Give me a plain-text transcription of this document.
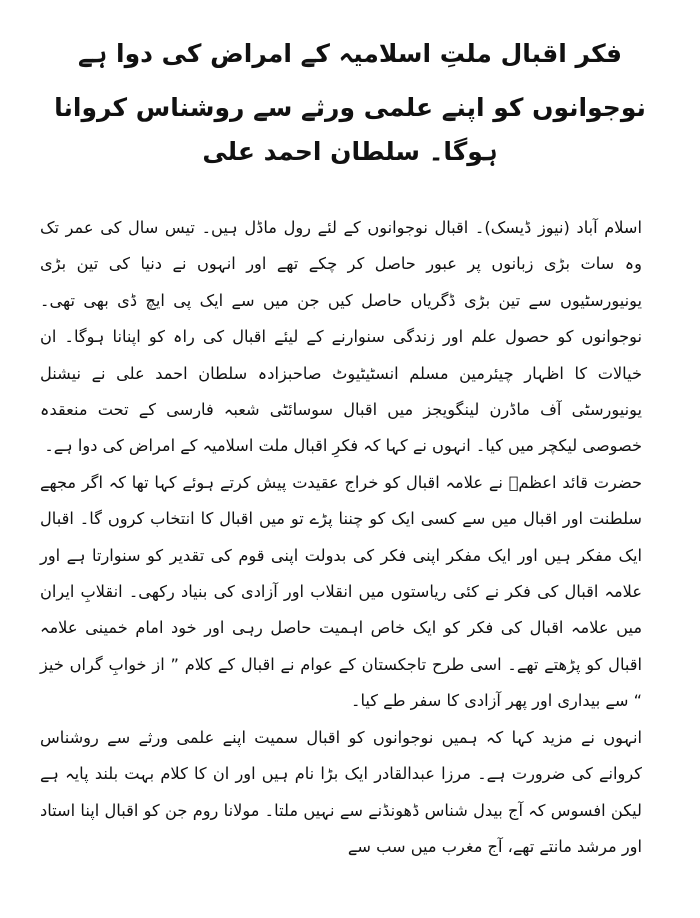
فکر اقبال ملتِ اسلامیہ کے امراض کی دوا ہے
نوجوانوں کو اپنے علمی ورثے سے روشناس کروانا ہوگا۔ سلطان احمد علی

اسلام آباد (نیوز ڈیسک)۔ اقبال نوجوانوں کے لئے رول ماڈل ہیں۔ تیس سال کی عمر تک وہ سات بڑی زبانوں پر عبور حاصل کر چکے تھے اور انہوں نے دنیا کی تین بڑی یونیورسٹیوں سے تین بڑی ڈگریاں حاصل کیں جن میں سے ایک پی ایچ ڈی بھی تھی۔ نوجوانوں کو حصول علم اور زندگی سنوارنے کے لیئے اقبال کی راہ کو اپنانا ہوگا۔ ان خیالات کا اظہار چیئرمین مسلم انسٹیٹیوٹ صاحبزادہ سلطان احمد علی نے نیشنل یونیورسٹی آف ماڈرن لینگویجز میں اقبال سوسائٹی شعبہ فارسی کے تحت منعقدہ خصوصی لیکچر میں کیا۔ انہوں نے کہا کہ فکرِ اقبال ملت اسلامیہ کے امراض کی دوا ہے۔

حضرت قائد اعظمؒ نے علامہ اقبال کو خراج عقیدت پیش کرتے ہوئے کہا تھا کہ اگر مجھے سلطنت اور اقبال میں سے کسی ایک کو چننا پڑے تو میں اقبال کا انتخاب کروں گا۔ اقبال ایک مفکر ہیں اور ایک مفکر اپنی فکر کی بدولت اپنی قوم کی تقدیر کو سنوارتا ہے اور علامہ اقبال کی فکر نے کئی ریاستوں میں انقلاب اور آزادی کی بنیاد رکھی۔ انقلابِ ایران میں علامہ اقبال کی فکر کو ایک خاص اہمیت حاصل رہی اور خود امام خمینی علامہ اقبال کو پڑھتے تھے۔ اسی طرح تاجکستان کے عوام نے اقبال کے کلام ” از خوابِ گراں خیز “ سے بیداری اور پھر آزادی کا سفر طے کیا۔

انہوں نے مزید کہا کہ ہمیں نوجوانوں کو اقبال سمیت اپنے علمی ورثے سے روشناس کروانے کی ضرورت ہے۔ مرزا عبدالقادر ایک بڑا نام ہیں اور ان کا کلام بہت بلند پایہ ہے لیکن افسوس کہ آج بیدل شناس ڈھونڈنے سے نہیں ملتا۔ مولانا روم جن کو اقبال اپنا استاد اور مرشد مانتے تھے، آج مغرب میں سب سے
